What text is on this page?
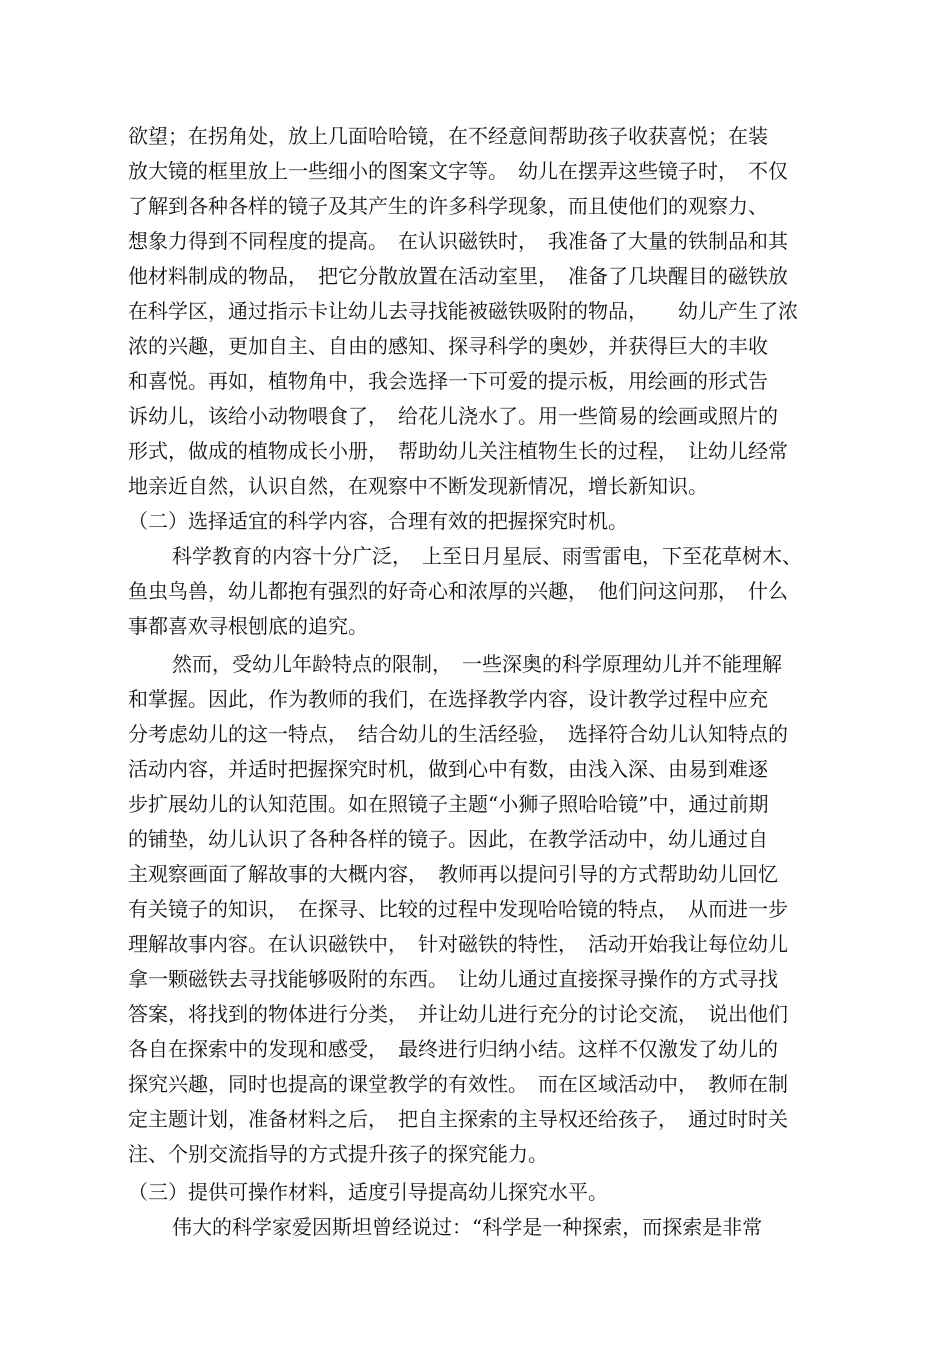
欲望；在拐角处，放上几面哈哈镜，在不经意间帮助孩子收获喜悦；在装
放大镜的框里放上一些细小的图案文字等。　幼儿在摆弄这些镜子时，　不仅
了解到各种各样的镜子及其产生的许多科学现象，而且使他们的观察力、
想象力得到不同程度的提高。　在认识磁铁时，　我准备了大量的铁制品和其
他材料制成的物品，　把它分散放置在活动室里，　准备了几块醒目的磁铁放
在科学区，通过指示卡让幼儿去寻找能被磁铁吸附的物品，　　幼儿产生了浓
浓的兴趣，更加自主、自由的感知、探寻科学的奥妙，并获得巨大的丰收
和喜悦。再如，植物角中，我会选择一下可爱的提示板，用绘画的形式告
诉幼儿，该给小动物喂食了，　给花儿浇水了。用一些简易的绘画或照片的
形式，做成的植物成长小册，　帮助幼儿关注植物生长的过程，　让幼儿经常
地亲近自然，认识自然，在观察中不断发现新情况，增长新知识。
（二）选择适宜的科学内容，合理有效的把握探究时机。
科学教育的内容十分广泛，　上至日月星辰、雨雪雷电，下至花草树木、
鱼虫鸟兽，幼儿都抱有强烈的好奇心和浓厚的兴趣，　他们问这问那，　什么
事都喜欢寻根刨底的追究。
然而，受幼儿年龄特点的限制，　一些深奥的科学原理幼儿并不能理解
和掌握。因此，作为教师的我们，在选择教学内容，设计教学过程中应充
分考虑幼儿的这一特点，　结合幼儿的生活经验，　选择符合幼儿认知特点的
活动内容，并适时把握探究时机，做到心中有数，由浅入深、由易到难逐
步扩展幼儿的认知范围。如在照镜子主题“小狮子照哈哈镜”中，通过前期
的铺垫，幼儿认识了各种各样的镜子。因此，在教学活动中，幼儿通过自
主观察画面了解故事的大概内容，　教师再以提问引导的方式帮助幼儿回忆
有关镜子的知识，　在探寻、比较的过程中发现哈哈镜的特点，　从而进一步
理解故事内容。在认识磁铁中，　针对磁铁的特性，　活动开始我让每位幼儿
拿一颗磁铁去寻找能够吸附的东西。　让幼儿通过直接探寻操作的方式寻找
答案，将找到的物体进行分类，　并让幼儿进行充分的讨论交流，　说出他们
各自在探索中的发现和感受，　最终进行归纳小结。这样不仅激发了幼儿的
探究兴趣，同时也提高的课堂教学的有效性。　而在区域活动中，　教师在制
定主题计划，准备材料之后，　把自主探索的主导权还给孩子，　通过时时关
注、个别交流指导的方式提升孩子的探究能力。
（三）提供可操作材料，适度引导提高幼儿探究水平。
伟大的科学家爱因斯坦曾经说过：“科学是一种探索，而探索是非常
